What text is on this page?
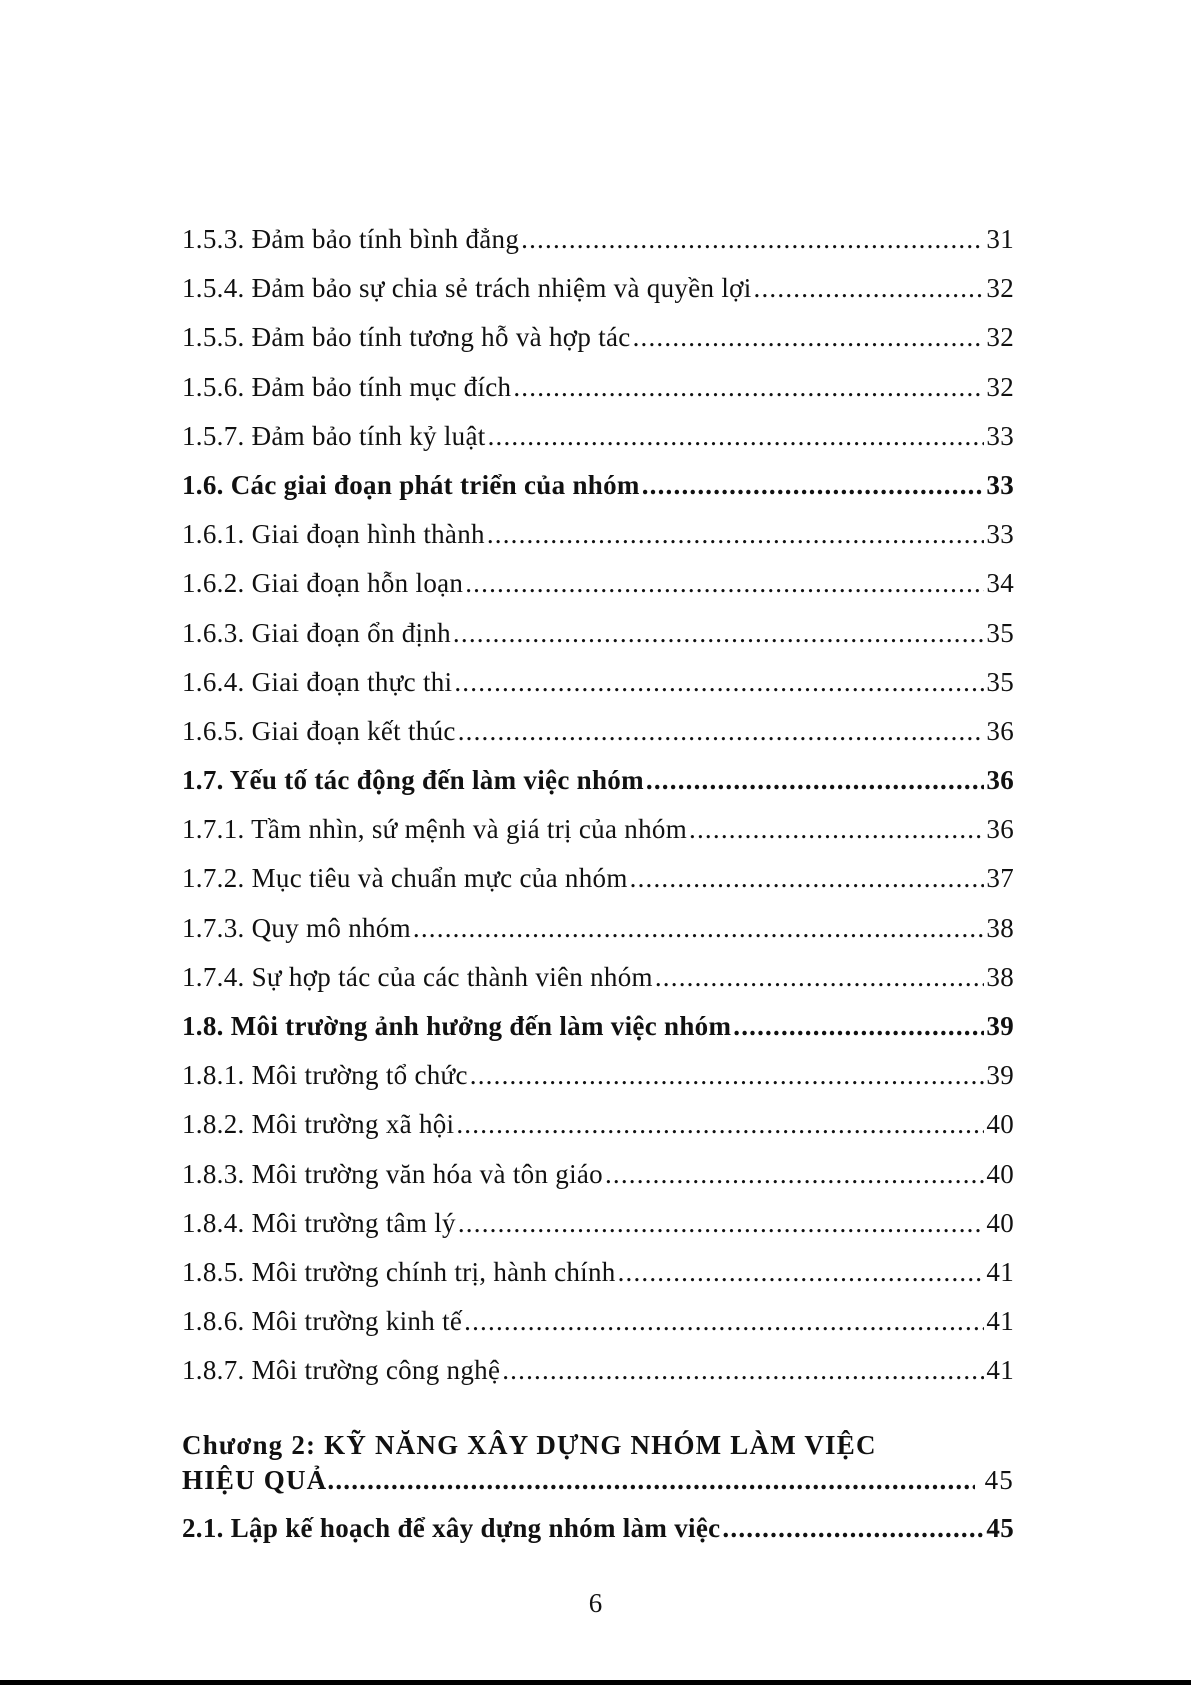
1.5.3. Đảm bảo tính bình đẳng .....	31
1.5.4. Đảm bảo sự chia sẻ trách nhiệm và quyền lợi .....	32
1.5.5. Đảm bảo tính tương hỗ và hợp tác .....	32
1.5.6. Đảm bảo tính mục đích .....	32
1.5.7. Đảm bảo tính kỷ luật .....	33
1.6. Các giai đoạn phát triển của nhóm .....	33
1.6.1. Giai đoạn hình thành .....	33
1.6.2. Giai đoạn hỗn loạn .....	34
1.6.3. Giai đoạn ổn định .....	35
1.6.4. Giai đoạn thực thi .....	35
1.6.5. Giai đoạn kết thúc .....	36
1.7. Yếu tố tác động đến làm việc nhóm .....	36
1.7.1. Tầm nhìn, sứ mệnh và giá trị của nhóm .....	36
1.7.2. Mục tiêu và chuẩn mực của nhóm .....	37
1.7.3. Quy mô nhóm .....	38
1.7.4. Sự hợp tác của các thành viên nhóm .....	38
1.8. Môi trường ảnh hưởng đến làm việc nhóm .....	39
1.8.1. Môi trường tổ chức .....	39
1.8.2. Môi trường xã hội .....	40
1.8.3. Môi trường văn hóa và tôn giáo .....	40
1.8.4. Môi trường tâm lý .....	40
1.8.5. Môi trường chính trị, hành chính .....	41
1.8.6. Môi trường kinh tế .....	41
1.8.7. Môi trường công nghệ .....	41
Chương 2: KỸ NĂNG XÂY DỰNG NHÓM LÀM VIỆC
HIỆU QUẢ .....	45
2.1. Lập kế hoạch để xây dựng nhóm làm việc .....	45
6
